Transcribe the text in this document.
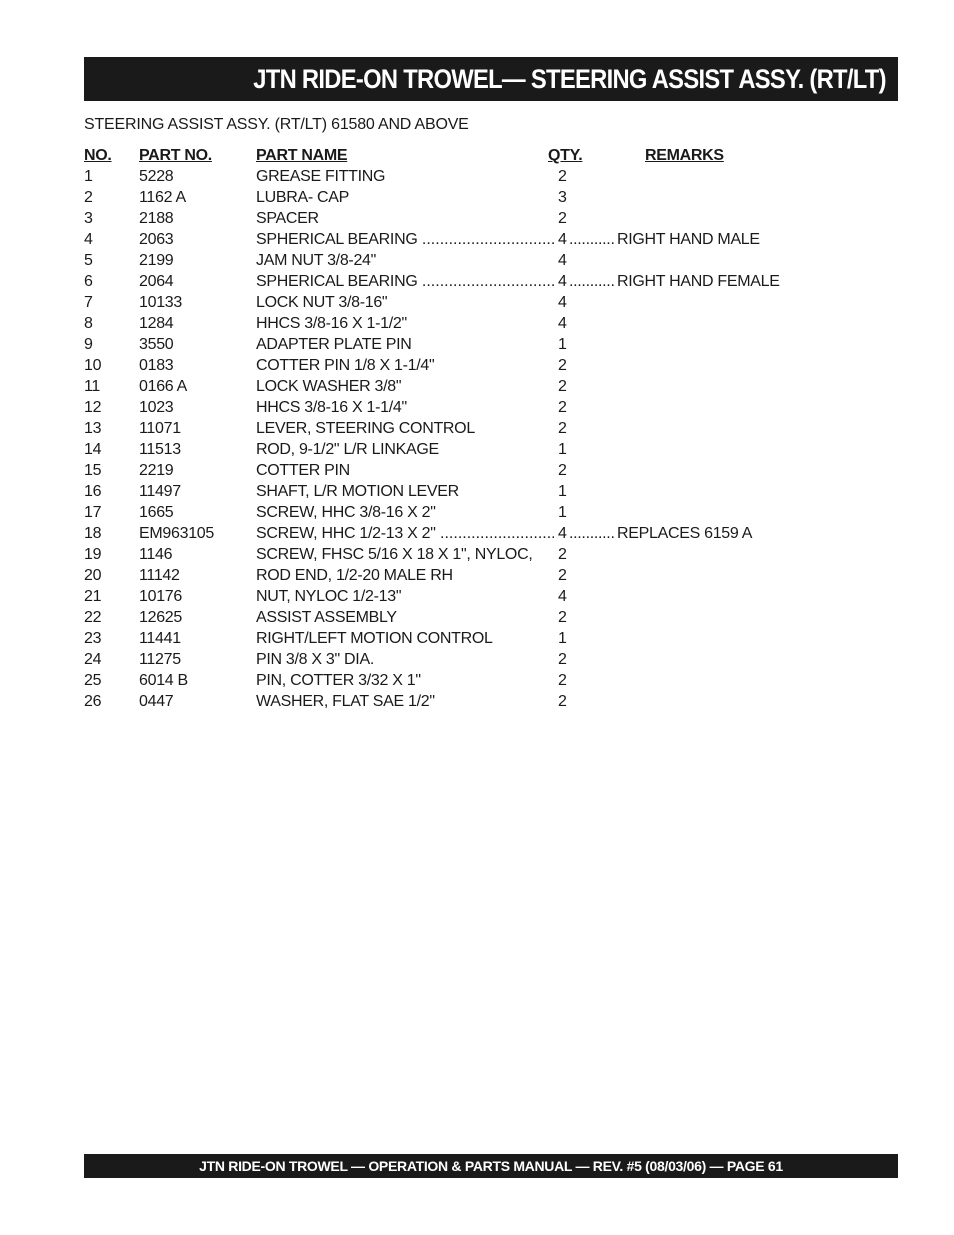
JTN RIDE-ON TROWEL— STEERING ASSIST ASSY. (RT/LT)
STEERING ASSIST ASSY. (RT/LT) 61580 AND ABOVE
NO. PART NO.	PART NAME	QTY.	REMARKS
1	5228	GREASE FITTING	2
2	1162 A	LUBRA- CAP	3
3	2188	SPACER	2
4	2063	SPHERICAL BEARING .....	4 .....	RIGHT HAND MALE
5	2199	JAM NUT 3/8-24"	4
6	2064	SPHERICAL BEARING .....	4 .....	RIGHT HAND FEMALE
7	10133	LOCK NUT 3/8-16"	4
8	1284	HHCS 3/8-16 X 1-1/2"	4
9	3550	ADAPTER PLATE PIN	1
10 0183	COTTER PIN 1/8 X 1-1/4"	2
11 0166 A	LOCK WASHER 3/8"	2
12 1023	HHCS 3/8-16 X 1-1/4"	2
13 11071	LEVER, STEERING CONTROL	2
14 11513	ROD, 9-1/2" L/R LINKAGE	1
15 2219	COTTER PIN	2
16 11497	SHAFT, L/R MOTION LEVER	1
17 1665	SCREW, HHC 3/8-16 X 2"	1
18 EM963105	SCREW, HHC 1/2-13 X 2" .....	4 .....	REPLACES 6159 A
19 1146	SCREW, FHSC 5/16 X 18 X 1", NYLOC, 2
20 11142	ROD END, 1/2-20 MALE RH	2
21 10176	NUT, NYLOC 1/2-13"	4
22 12625	ASSIST ASSEMBLY	2
23 11441	RIGHT/LEFT MOTION CONTROL	1
24 11275	PIN 3/8 X 3" DIA.	2
25 6014 B	PIN, COTTER 3/32 X 1"	2
26 0447	WASHER, FLAT SAE 1/2"	2
JTN RIDE-ON TROWEL — OPERATION & PARTS MANUAL — REV. #5 (08/03/06) — PAGE 61
